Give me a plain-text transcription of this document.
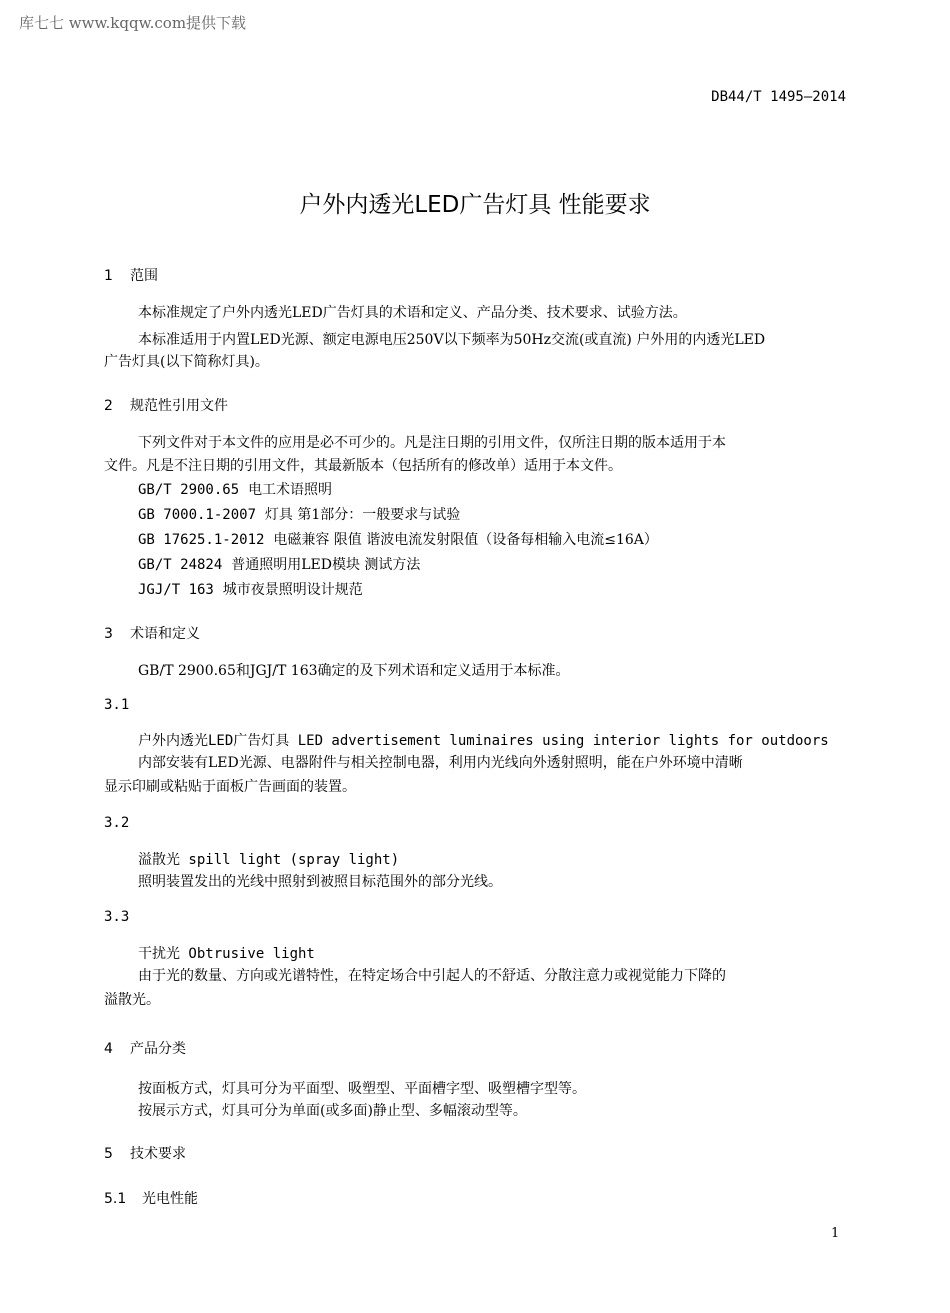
库七七 www.kqqw.com提供下载
DB44/T 1495—2014
户外内透光LED广告灯具 性能要求
1 范围
本标准规定了户外内透光LED广告灯具的术语和定义、产品分类、技术要求、试验方法。
本标准适用于内置LED光源、额定电源电压250V以下频率为50Hz交流(或直流) 户外用的内透光LED
广告灯具(以下简称灯具)。
2 规范性引用文件
下列文件对于本文件的应用是必不可少的。凡是注日期的引用文件，仅所注日期的版本适用于本
文件。凡是不注日期的引用文件，其最新版本（包括所有的修改单）适用于本文件。
GB/T 2900.65 电工术语照明
GB 7000.1-2007 灯具 第1部分：一般要求与试验
GB 17625.1-2012 电磁兼容 限值 谐波电流发射限值（设备每相输入电流≤16A）
GB/T 24824 普通照明用LED模块 测试方法
JGJ/T 163 城市夜景照明设计规范
3 术语和定义
GB/T 2900.65和JGJ/T 163确定的及下列术语和定义适用于本标准。
3.1
户外内透光LED广告灯具 LED advertisement luminaires using interior lights for outdoors
内部安装有LED光源、电器附件与相关控制电器，利用内光线向外透射照明，能在户外环境中清晰
显示印刷或粘贴于面板广告画面的装置。
3.2
溢散光 spill light (spray light)
照明装置发出的光线中照射到被照目标范围外的部分光线。
3.3
干扰光 Obtrusive light
由于光的数量、方向或光谱特性，在特定场合中引起人的不舒适、分散注意力或视觉能力下降的
溢散光。
4 产品分类
按面板方式，灯具可分为平面型、吸塑型、平面槽字型、吸塑槽字型等。
按展示方式，灯具可分为单面(或多面)静止型、多幅滚动型等。
5 技术要求
5.1 光电性能
1
